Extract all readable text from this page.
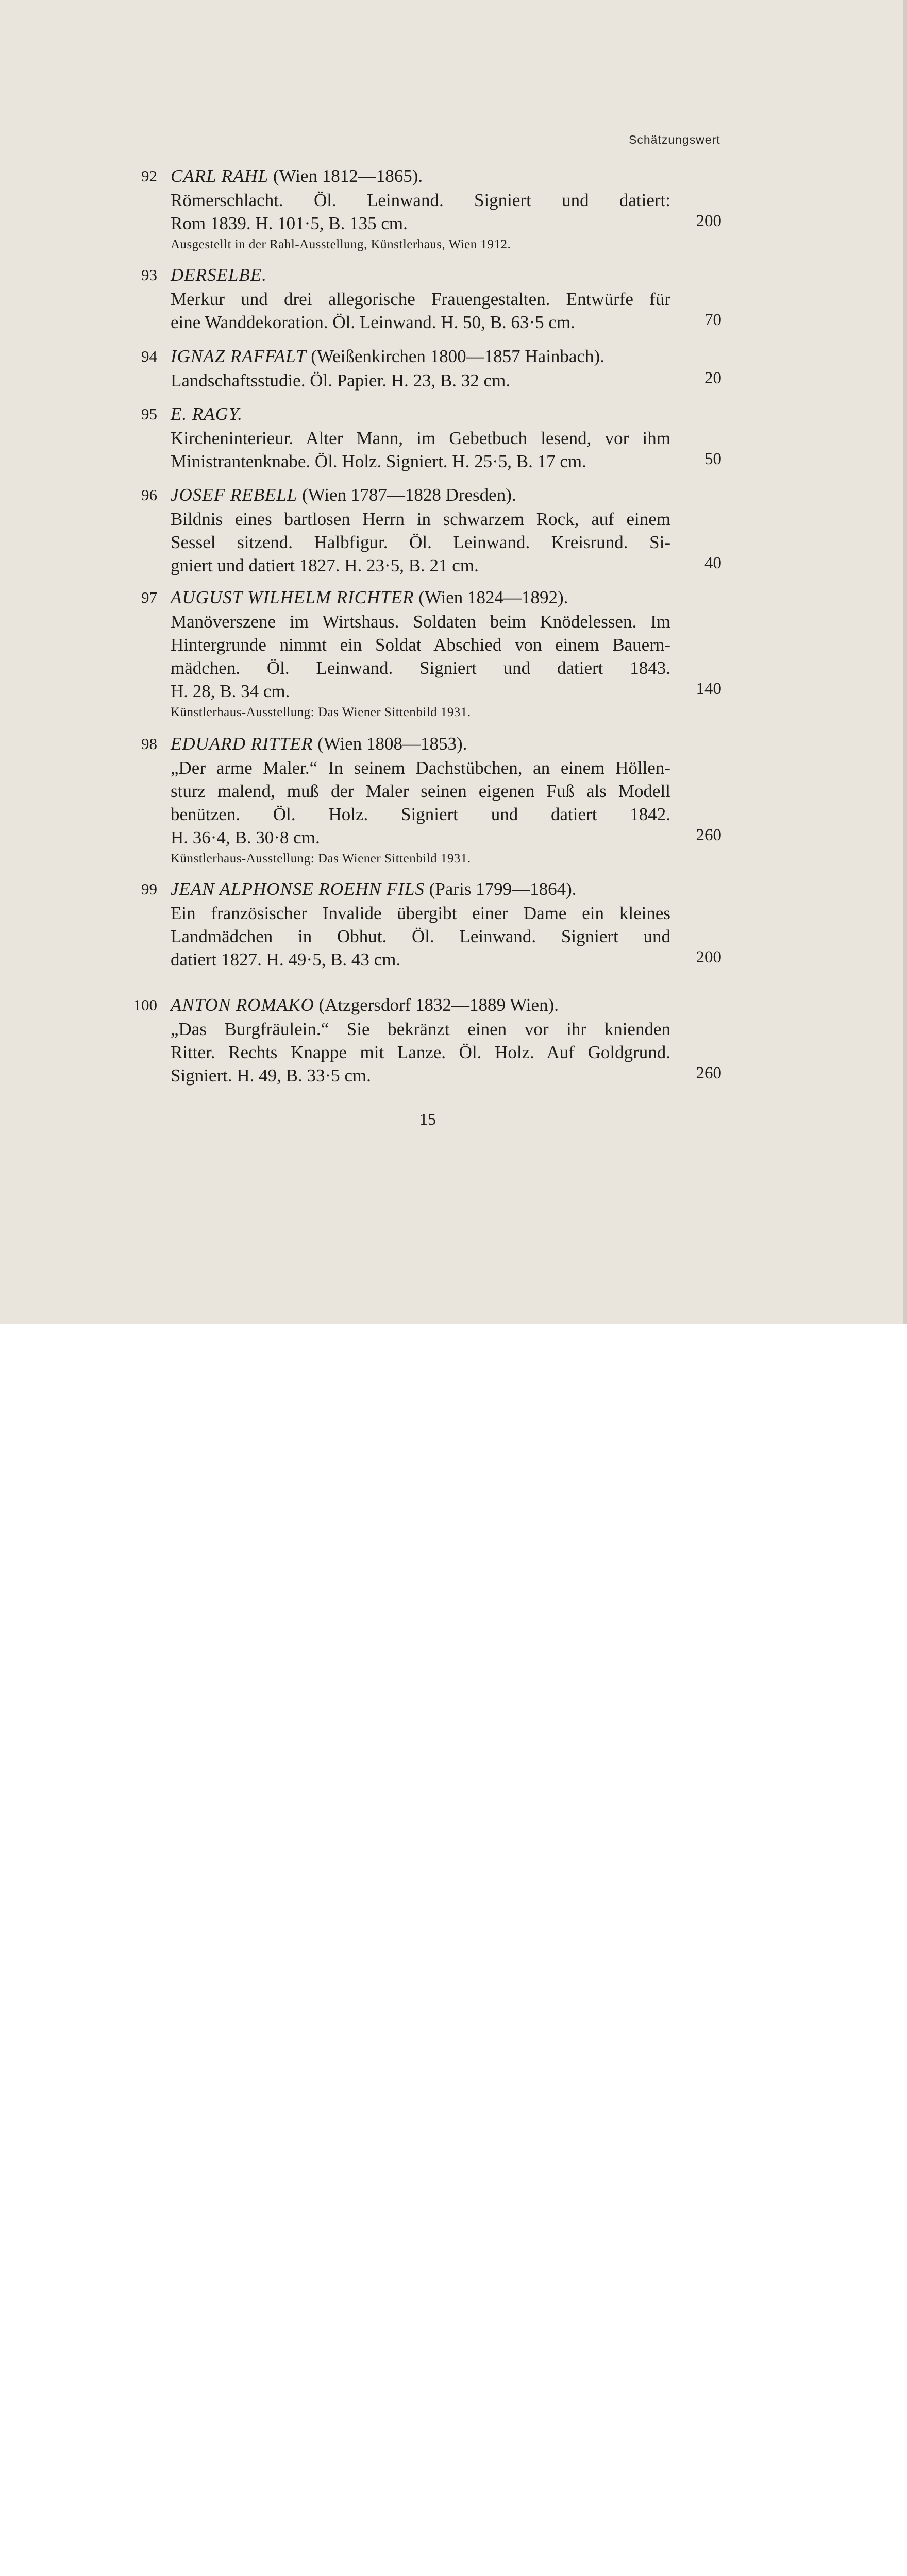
Schätzungswert
92 CARL RAHL (Wien 1812—1865).
Römerschlacht. Öl. Leinwand. Signiert und datiert:
Rom 1839. H. 101·5, B. 135 cm.
Ausgestellt in der Rahl-Ausstellung, Künstlerhaus, Wien 1912.
200
93 DERSELBE.
Merkur und drei allegorische Frauengestalten. Entwürfe für
eine Wanddekoration. Öl. Leinwand. H. 50, B. 63·5 cm.	70
94 IGNAZ RAFFALT (Weißenkirchen 1800—1857 Hainbach).
Landschaftsstudie. Öl. Papier. H. 23, B. 32 cm.	20
95 E. RAGY.
Kircheninterieur. Alter Mann, im Gebetbuch lesend, vor ihm
Ministrantenknabe. Öl. Holz. Signiert. H. 25·5, B. 17 cm.	50
96 JOSEF REBELL (Wien 1787—1828 Dresden).
Bildnis eines bartlosen Herrn in schwarzem Rock, auf einem
Sessel sitzend. Halbfigur. Öl. Leinwand. Kreisrund. Si-
gniert und datiert 1827. H. 23·5, B. 21 cm.	40
97 AUGUST WILHELM RICHTER (Wien 1824—1892).
Manöverszene im Wirtshaus. Soldaten beim Knödelessen. Im
Hintergrunde nimmt ein Soldat Abschied von einem Bauern-
mädchen. Öl. Leinwand. Signiert und datiert 1843.
H. 28, B. 34 cm.
Künstlerhaus-Ausstellung: Das Wiener Sittenbild 1931.
140
98 EDUARD RITTER (Wien 1808—1853).
„Der arme Maler.“ In seinem Dachstübchen, an einem Höllen-
sturz malend, muß der Maler seinen eigenen Fuß als Modell
benützen. Öl. Holz. Signiert und datiert 1842.
H. 36·4, B. 30·8 cm.
Künstlerhaus-Ausstellung: Das Wiener Sittenbild 1931.
260
99 JEAN ALPHONSE ROEHN FILS (Paris 1799—1864).
Ein französischer Invalide übergibt einer Dame ein kleines
Landmädchen in Obhut. Öl. Leinwand. Signiert und
datiert 1827. H. 49·5, B. 43 cm.	200
100 ANTON ROMAKO (Atzgersdorf 1832—1889 Wien).
„Das Burgfräulein.“ Sie bekränzt einen vor ihr knienden
Ritter. Rechts Knappe mit Lanze. Öl. Holz. Auf Goldgrund.
Signiert. H. 49, B. 33·5 cm.	260
15
